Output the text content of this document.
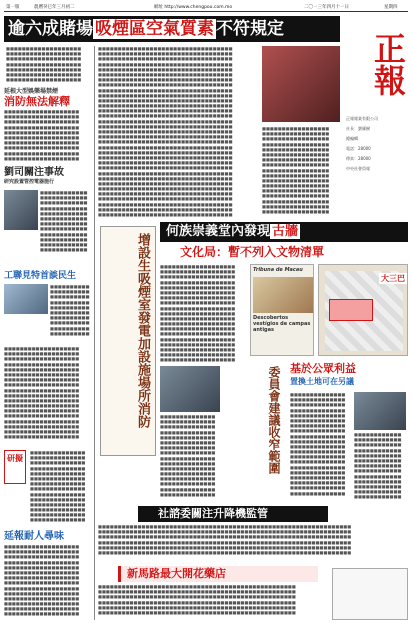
第一版	農曆癸巳年三月初二	網址 http://www.chengpou.com.mo	二〇一三年四月十一日	星期四
逾六成賭場 吸煙區空氣質素 不符規定
正報
正報報業有限公司
社長：劉耀樹
總編輯
電話：28000
傳真：28000
中央社會員報
■■■■■■■■■■■■■■■■■■■
■■■■■■■■■■■■■■■■■■■
■■■■■■■■■■■■■■■■■■■
■■■■■■■■■■■■■■■■■■■
■■■■■■■■■■■■■■■■■■■
■■■■■■■■■■■■■■■■■■■
■■■■■■■■■■■■■■■■■■■
延根大型娛樂場禁煙
消防無法解釋
■■■■■■■■■■■■■■■■■■■
■■■■■■■■■■■■■■■■■■■
■■■■■■■■■■■■■■■■■■■
■■■■■■■■■■■■■■■■■■■
■■■■■■■■■■■■■■■■■■■
■■■■■■■■■■■■■■■■■■■
■■■■■■■■■■■■■■■■■■■
■■■■■■■■■■■■■■■■■■■
■■■■■■■■■■■■■■■■■■■
■■■■■■■■■■■■■■■■■■■
劉司關注事故
研究設置管控電器施行
■■■■■■■■■■■■
■■■■■■■■■■■■
■■■■■■■■■■■■
■■■■■■■■■■■■
■■■■■■■■■■■■
■■■■■■■■■■■■
■■■■■■■■■■■■
■■■■■■■■■■■■
■■■■■■■■■■■■
■■■■■■■■■■■■
■■■■■■■■■■■■
■■■■■■■■■■■■
工聯見特首談民生
■■■■■■■■■■
■■■■■■■■■■
■■■■■■■■■■
■■■■■■■■■■
■■■■■■■■■■
■■■■■■■■■■
■■■■■■■■■■
■■■■■■■■■■
■■■■■■■■■■
■■■■■■■■■■
■■■■■■■■■■■■■■■■■■■
■■■■■■■■■■■■■■■■■■■
■■■■■■■■■■■■■■■■■■■
■■■■■■■■■■■■■■■■■■■
■■■■■■■■■■■■■■■■■■■
■■■■■■■■■■■■■■■■■■■
■■■■■■■■■■■■■■■■■■■
■■■■■■■■■■■■■■■■■■■
■■■■■■■■■■■■■■■■■■■
■■■■■■■■■■■■■■■■■■■
■■■■■■■■■■■■■■■■■■■
■■■■■■■■■■■■■■■■■■■
■■■■■■■■■■■■■■■■■■■
■■■■■■■■■■■■■■■■■■■
■■■■■■■■■■■■■■■■■■■
■■■■■■■■■■■■■■■■■■■
■■■■■■■■■■■■■■■■■■■
■■■■■■■■■■■■■■■■■■■
研擬
■■■■■■■■■■■■■■
■■■■■■■■■■■■■■
■■■■■■■■■■■■■■
■■■■■■■■■■■■■■
■■■■■■■■■■■■■■
■■■■■■■■■■■■■■
■■■■■■■■■■■■■■
■■■■■■■■■■■■■■
■■■■■■■■■■■■■■
■■■■■■■■■■■■■■
■■■■■■■■■■■■■■
■■■■■■■■■■■■■■
■■■■■■■■■■■■■■
■■■■■■■■■■■■■■
延報耐人尋味
■■■■■■■■■■■■■■■■■■■
■■■■■■■■■■■■■■■■■■■
■■■■■■■■■■■■■■■■■■■
■■■■■■■■■■■■■■■■■■■
■■■■■■■■■■■■■■■■■■■
■■■■■■■■■■■■■■■■■■■
■■■■■■■■■■■■■■■■■■■
■■■■■■■■■■■■■■■■■■■
■■■■■■■■■■■■■■■■■■■
■■■■■■■■■■■■■■■■■■■
■■■■■■■■■■■■■■■■■■■
■■■■■■■■■■■■■■■■■■■
■■■■■■■■■■■■■■■■■■■
■■■■■■■■■■■■■■■■■■■
■■■■■■■■■■■■■■■■■■■■■■■■■■■■■■■■■■
■■■■■■■■■■■■■■■■■■■■■■■■■■■■■■■■■■
■■■■■■■■■■■■■■■■■■■■■■■■■■■■■■■■■■
■■■■■■■■■■■■■■■■■■■■■■■■■■■■■■■■■■
■■■■■■■■■■■■■■■■■■■■■■■■■■■■■■■■■■
■■■■■■■■■■■■■■■■■■■■■■■■■■■■■■■■■■
■■■■■■■■■■■■■■■■■■■■■■■■■■■■■■■■■■
■■■■■■■■■■■■■■■■■■■■■■■■■■■■■■■■■■
■■■■■■■■■■■■■■■■■■■■■■■■■■■■■■■■■■
■■■■■■■■■■■■■■■■■■■■■■■■■■■■■■■■■■
■■■■■■■■■■■■■■■■■■■■■■■■■■■■■■■■■■
■■■■■■■■■■■■■■■■■■■■■■■■■■■■■■■■■■
■■■■■■■■■■■■■■■■■■■■■■■■■■■■■■■■■■
■■■■■■■■■■■■■■■■■■■■■■■■■■■■■■■■■■
■■■■■■■■■■■■■■■■■■■■■■■■■■■■■■■■■■
■■■■■■■■■■■■■■■■■■■■■■■■■■■■■■■■■■
■■■■■■■■■■■■■■■■■■■■■■■■■■■■■■■■■■
■■■■■■■■■■■■■■■■■■■■■■■■■■■■■■■■■■
■■■■■■■■■■■■■■■■■■■■■■■■■■■■■■■■■■
■■■■■■■■■■■■■■■■■■■■■■■■■■■■■■■■■■
■■■■■■■■■■■■■■■■■■■■■■■■■■■■■■■■■■
■■■■■■■■■■■■■■■■■■■■■■■■■■■■■■■■■■
■■■■■■■■■■■■■■■■■■■■■■■■■■■■■■■■■■
■■■■■■■■■■■■■■■■■■■■■■■■■■■■■■■■■■
■■■■■■■■■■■■■■■■■■■■■■■■■■■■■■■■■■
■■■■■■■■■■■■■■■■■■■■■■■■■■■■■■■■■■
■■■■■■■■■■■■■■■■■■■■■■■■■■■■■■■■■■
■■■■■■■■■■■■■■■■■■■■■■■■■■■■■■■■■■
■■■■■■■■■■■■■■■■■■■■■■■■■■■■■■■■■■
■■■■■■■■■■■■■■■■■■■■■■■■■■■■■■■■■■
■■■■■■■■■■■■■■■■■■■■■■■■■■■■■■■■■■
■■■■■■■■■■■■■■■■■■■■■■■■■■■■■■■■■■
■■■■■■■■■■■■■■■■■■■■■■■■■■■■■■■■■■
■■■■■■■■■■■■■■■■■
■■■■■■■■■■■■■■■■■
■■■■■■■■■■■■■■■■■
■■■■■■■■■■■■■■■■■
■■■■■■■■■■■■■■■■■
■■■■■■■■■■■■■■■■■
■■■■■■■■■■■■■■■■■
■■■■■■■■■■■■■■■■■
■■■■■■■■■■■■■■■■■
■■■■■■■■■■■■■■■■■
■■■■■■■■■■■■■■■■■
■■■■■■■■■■■■■■■■■
■■■■■■■■■■■■■■■■■
■■■■■■■■■■■■■■■■■
■■■■■■■■■■■■■■■■■
■■■■■■■■■■■■■■■■■
■■■■■■■■■■■■■■■■■
何族崇義堂內發現 古牆
文化局：暫不列入文物清單
增設生吸煙室發電加設施場所消防	■■■■■■■■■■■■■■■■■■■
■■■■■■■■■■■■■■■■■■■
■■■■■■■■■■■■■■■■■■■
■■■■■■■■■■■■■■■■■■■
■■■■■■■■■■■■■■■■■■■
■■■■■■■■■■■■■■■■■■■
■■■■■■■■■■■■■■■■■■■
■■■■■■■■■■■■■■■■■■■
■■■■■■■■■■■■■■■■■■■
■■■■■■■■■■■■■■■■■■■
■■■■■■■■■■■■■■■■■■■
■■■■■■■■■■■■■■■■■■■
■■■■■■■■■■■■■■■■■■■
■■■■■■■■■■■■■■■■■■■
■■■■■■■■■■■■■■■■■■■
■■■■■■■■■■■■■■■■■■■
■■■■■■■■■■■■■■■■■■■
■■■■■■■■■■■■■■■■■■■
■■■■■■■■■■■■■■■■■■■
Tribuna de Macau
Descobertos vestígios de campas antigas
大三巴
委員會建議收窄範圍
■■■■■■■■■■■■■■
■■■■■■■■■■■■■■
■■■■■■■■■■■■■■
■■■■■■■■■■■■■■
■■■■■■■■■■■■■■
■■■■■■■■■■■■■■
■■■■■■■■■■■■■■
■■■■■■■■■■■■■■
■■■■■■■■■■■■■■
■■■■■■■■■■■■■■
■■■■■■■■■■■■■■
■■■■■■■■■■■■■■
■■■■■■■■■■■■■■
■■■■■■■■■■■■■■
■■■■■■■■■■■■■■
■■■■■■■■■■■■■■
基於公眾利益
置換土地可在另議
■■■■■■■■■■■■■■
■■■■■■■■■■■■■■
■■■■■■■■■■■■■■
■■■■■■■■■■■■■■
■■■■■■■■■■■■■■
■■■■■■■■■■■■■■
■■■■■■■■■■■■■■
■■■■■■■■■■■■■■
■■■■■■■■■■■■■■
■■■■■■■■■■■■■■
■■■■■■■■■■■■■■
■■■■■■■■■■■■■■
■■■■■■■■■■■■■■
■■■■■■■■■■■■■■
■■■■■■■■■■■■■■
■■■■■■■■■■■■■■
■■■■■■■■■■■■■■
■■■■■■■■■■■■■■
■■■■■■■■■■■■■■
■■■■■■■■■■■■■■
■■■■■■■■■■■■
■■■■■■■■■■■■
■■■■■■■■■■■■
■■■■■■■■■■■■
■■■■■■■■■■■■
■■■■■■■■■■■■
■■■■■■■■■■■■
■■■■■■■■■■■■
■■■■■■■■■■■■
■■■■■■■■■■■■
■■■■■■■■■■■■
■■■■■■■■■■■■
■■■■■■■■■■■■
社諮委關注升降機監管
■■■■■■■■■■■■■■■■■■■■■■■■■■■■■■■■■■■■■■■■■■■■■■■■■■■■■■■■■■■■■■■■
■■■■■■■■■■■■■■■■■■■■■■■■■■■■■■■■■■■■■■■■■■■■■■■■■■■■■■■■■■■■■■■■
■■■■■■■■■■■■■■■■■■■■■■■■■■■■■■■■■■■■■■■■■■■■■■■■■■■■■■■■■■■■■■■■
■■■■■■■■■■■■■■■■■■■■■■■■■■■■■■■■■■■■■■■■■■■■■■■■■■■■■■■■■■■■■■■■
■■■■■■■■■■■■■■■■■■■■■■■■■■■■■■■■■■■■■■■■■■■■■■■■■■■■■■■■■■■■■■■■
■■■■■■■■■■■■■■■■■■■■■■■■■■■■■■■■■■■■■■■■■■■■■■■■■■■■■■■■■■■■■■■■
新馬路最大開花藥店
■■■■■■■■■■■■■■■■■■■■■■■■■■■■■■■■■■■■■■■■■■■■■■■■■■
■■■■■■■■■■■■■■■■■■■■■■■■■■■■■■■■■■■■■■■■■■■■■■■■■■
■■■■■■■■■■■■■■■■■■■■■■■■■■■■■■■■■■■■■■■■■■■■■■■■■■
■■■■■■■■■■■■■■■■■■■■■■■■■■■■■■■■■■■■■■■■■■■■■■■■■■
■■■■■■■■■■■■■■■■■■■■■■■■■■■■■■■■■■■■■■■■■■■■■■■■■■
■■■■■■■■■■■■■■■■■■■■■■■■■■■■■■■■■■■■■■■■■■■■■■■■■■
